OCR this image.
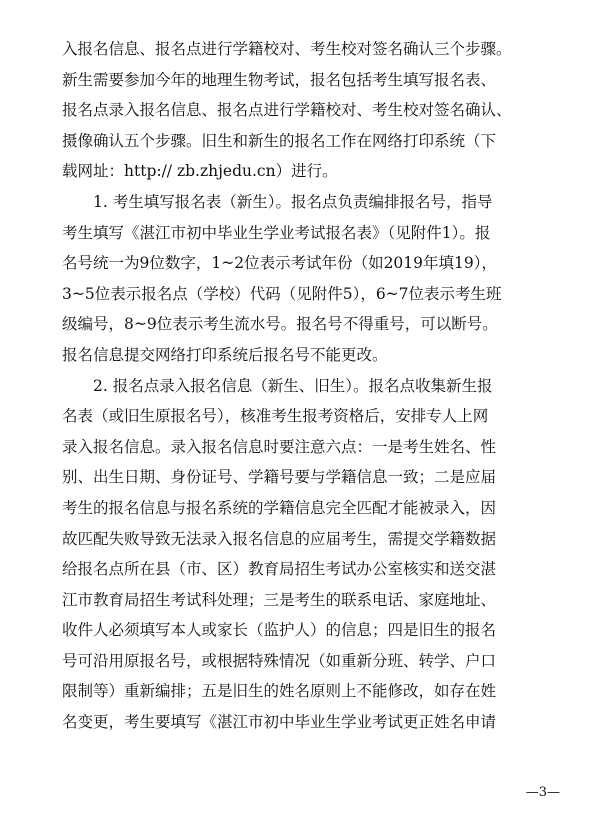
入报名信息、报名点进行学籍校对、考生校对签名确认三个步骤。
新生需要参加今年的地理生物考试，报名包括考生填写报名表、
报名点录入报名信息、报名点进行学籍校对、考生校对签名确认、
摄像确认五个步骤。旧生和新生的报名工作在网络打印系统（下
载网址：http:// zb.zhjedu.cn）进行。

1. 考生填写报名表（新生）。报名点负责编排报名号，指导
考生填写《湛江市初中毕业生学业考试报名表》（见附件1）。报
名号统一为9位数字，1~2位表示考试年份（如2019年填19），
3~5位表示报名点（学校）代码（见附件5），6~7位表示考生班
级编号，8~9位表示考生流水号。报名号不得重号，可以断号。
报名信息提交网络打印系统后报名号不能更改。

2. 报名点录入报名信息（新生、旧生）。报名点收集新生报
名表（或旧生原报名号），核准考生报考资格后，安排专人上网
录入报名信息。录入报名信息时要注意六点：一是考生姓名、性
别、出生日期、身份证号、学籍号要与学籍信息一致；二是应届
考生的报名信息与报名系统的学籍信息完全匹配才能被录入，因
故匹配失败导致无法录入报名信息的应届考生，需提交学籍数据
给报名点所在县（市、区）教育局招生考试办公室核实和送交湛
江市教育局招生考试科处理；三是考生的联系电话、家庭地址、
收件人必须填写本人或家长（监护人）的信息；四是旧生的报名
号可沿用原报名号，或根据特殊情况（如重新分班、转学、户口
限制等）重新编排；五是旧生的姓名原则上不能修改，如存在姓
名变更，考生要填写《湛江市初中毕业生学业考试更正姓名申请

—3—
